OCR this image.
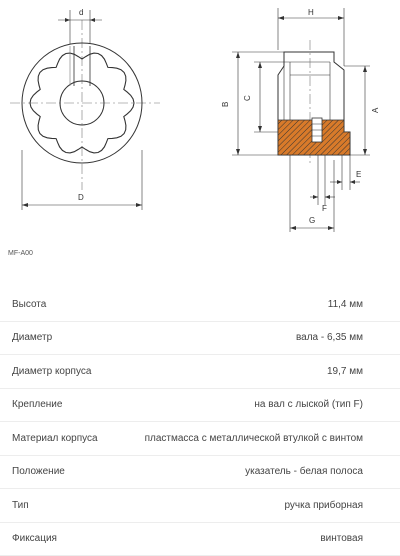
d
D
H
B
C
A
E
F
G
MF-A00
Высота	11,4 мм
Диаметр	вала - 6,35 мм
Диаметр корпуса	19,7 мм
Крепление	на вал с лыской (тип F)
Материал корпуса	пластмасса с металлической втулкой с винтом
Положение	указатель - белая полоса
Тип	ручка приборная
Фиксация	винтовая
